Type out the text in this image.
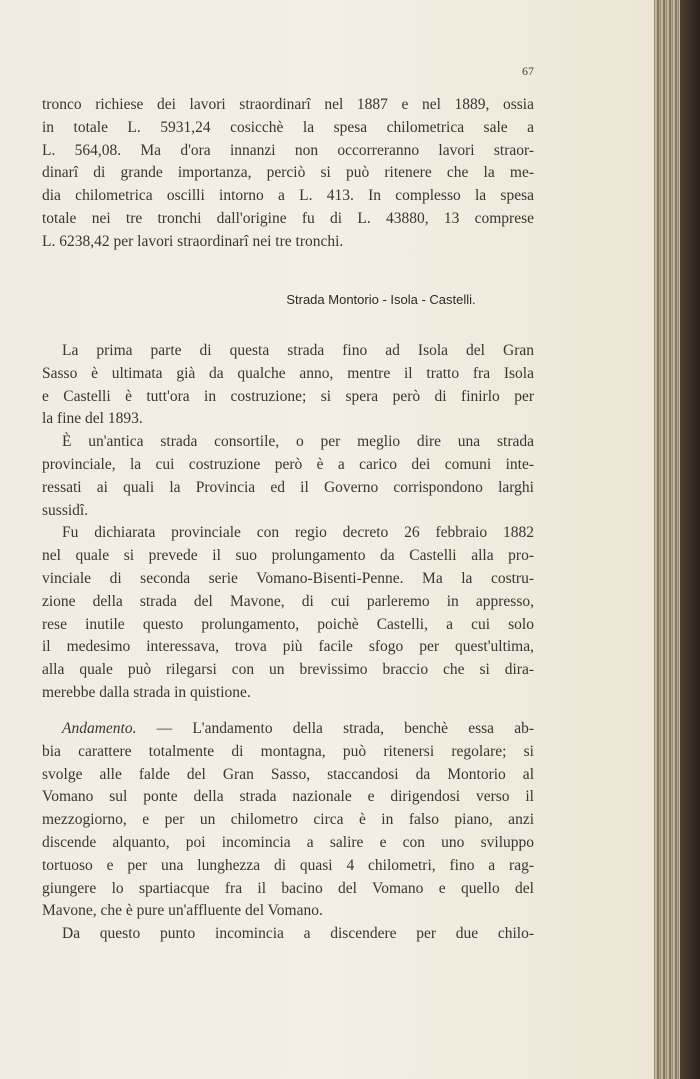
67
tronco richiese dei lavori straordinarî nel 1887 e nel 1889, ossia
in totale L. 5931,24 cosicchè la spesa chilometrica sale a
L. 564,08. Ma d'ora innanzi non occorreranno lavori straor-
dinarî di grande importanza, perciò si può ritenere che la me-
dia chilometrica oscilli intorno a L. 413. In complesso la spesa
totale nei tre tronchi dall'origine fu di L. 43880, 13 comprese
L. 6238,42 per lavori straordinarî nei tre tronchi.
Strada Montorio - Isola - Castelli.
La prima parte di questa strada fino ad Isola del Gran
Sasso è ultimata già da qualche anno, mentre il tratto fra Isola
e Castelli è tutt'ora in costruzione; si spera però di finirlo per
la fine del 1893.
È un'antica strada consortile, o per meglio dire una strada
provinciale, la cui costruzione però è a carico dei comuni inte-
ressati ai quali la Provincia ed il Governo corrispondono larghi
sussidî.
Fu dichiarata provinciale con regio decreto 26 febbraio 1882
nel quale si prevede il suo prolungamento da Castelli alla pro-
vinciale di seconda serie Vomano-Bisenti-Penne. Ma la costru-
zione della strada del Mavone, di cui parleremo in appresso,
rese inutile questo prolungamento, poichè Castelli, a cui solo
il medesimo interessava, trova più facile sfogo per quest'ultima,
alla quale può rilegarsi con un brevissimo braccio che si dira-
merebbe dalla strada in quistione.
Andamento. — L'andamento della strada, benchè essa ab-
bia carattere totalmente di montagna, può ritenersi regolare; si
svolge alle falde del Gran Sasso, staccandosi da Montorio al
Vomano sul ponte della strada nazionale e dirigendosi verso il
mezzogiorno, e per un chilometro circa è in falso piano, anzi
discende alquanto, poi incomincia a salire e con uno sviluppo
tortuoso e per una lunghezza di quasi 4 chilometri, fino a rag-
giungere lo spartiacque fra il bacino del Vomano e quello del
Mavone, che è pure un'affluente del Vomano.
Da questo punto incomincia a discendere per due chilo-
